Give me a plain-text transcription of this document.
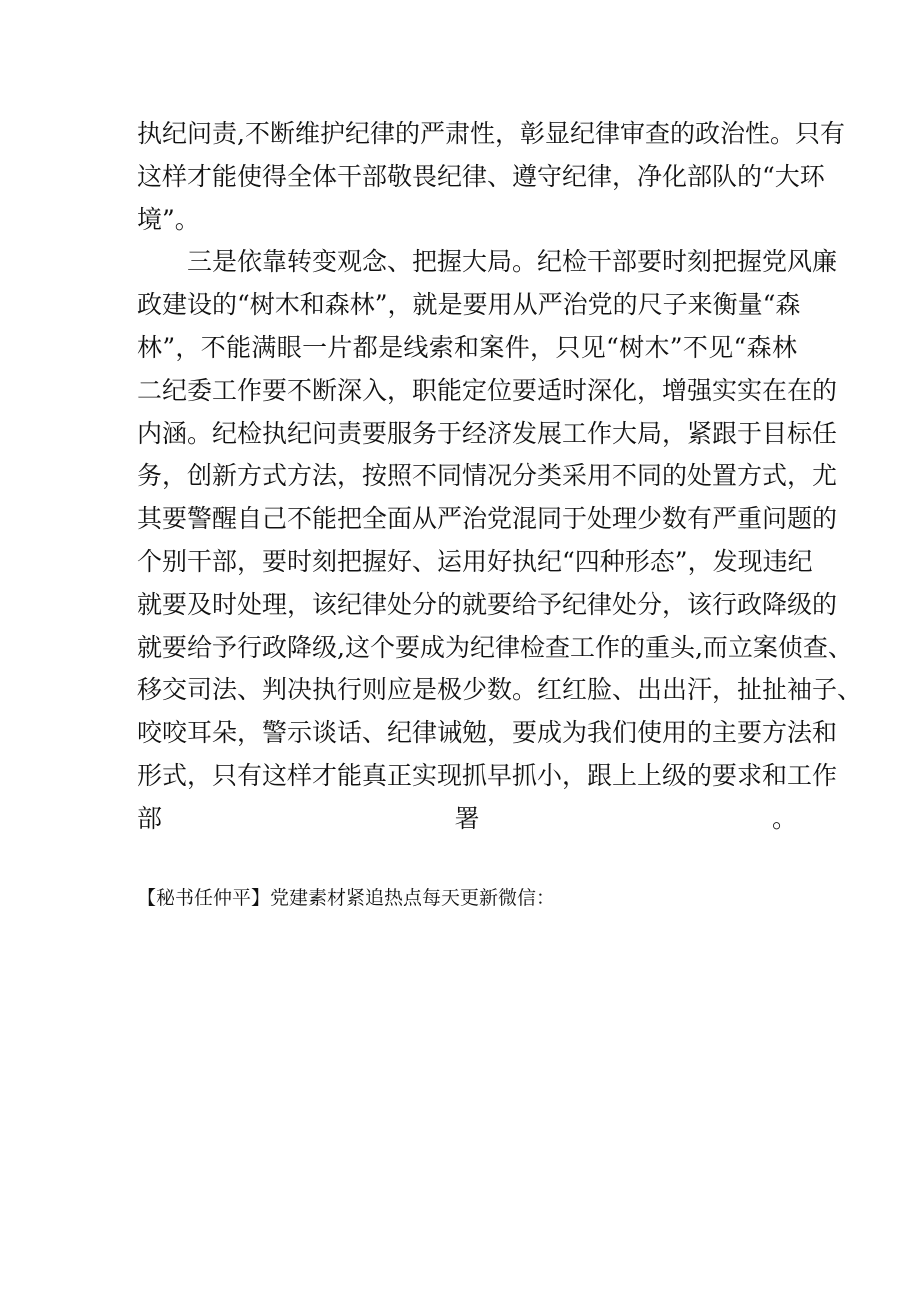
执纪问责,不断维护纪律的严肃性，彰显纪律审查的政治性。只有
这样才能使得全体干部敬畏纪律、遵守纪律，净化部队的“大环
境”。
三是依靠转变观念、把握大局。纪检干部要时刻把握党风廉
政建设的“树木和森林”，就是要用从严治党的尺子来衡量“森
林”，不能满眼一片都是线索和案件，只见“树木”不见“森林
二纪委工作要不断深入，职能定位要适时深化，增强实实在在的
内涵。纪检执纪问责要服务于经济发展工作大局，紧跟于目标任
务，创新方式方法，按照不同情况分类采用不同的处置方式，尤
其要警醒自己不能把全面从严治党混同于处理少数有严重问题的
个别干部，要时刻把握好、运用好执纪“四种形态”，发现违纪
就要及时处理，该纪律处分的就要给予纪律处分，该行政降级的
就要给予行政降级,这个要成为纪律检查工作的重头,而立案侦查、
移交司法、判决执行则应是极少数。红红脸、出出汗，扯扯袖子、
咬咬耳朵，警示谈话、纪律诫勉，要成为我们使用的主要方法和
形式，只有这样才能真正实现抓早抓小，跟上上级的要求和工作
部署。
【秘书任仲平】党建素材紧追热点每天更新微信：
